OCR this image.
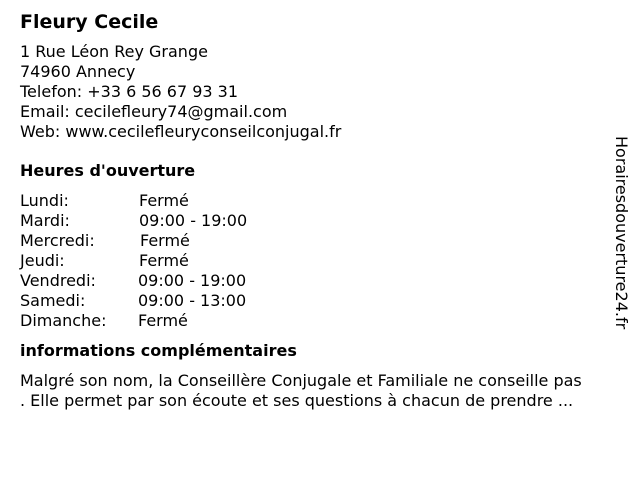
Fleury Cecile
1 Rue Léon Rey Grange
74960 Annecy
Telefon: +33 6 56 67 93 31
Email: cecilefleury74@gmail.com
Web: www.cecilefleuryconseilconjugal.fr
Heures d'ouverture
Lundi:	Fermé
Mardi:	09:00 - 19:00
Mercredi:	Fermé
Jeudi:	Fermé
Vendredi:	09:00 - 19:00
Samedi:	09:00 - 13:00
Dimanche: Fermé
informations complémentaires
Malgré son nom, la Conseillère Conjugale et Familiale ne conseille pas
. Elle permet par son écoute et ses questions à chacun de prendre ...
Horairesdouverture24.fr
